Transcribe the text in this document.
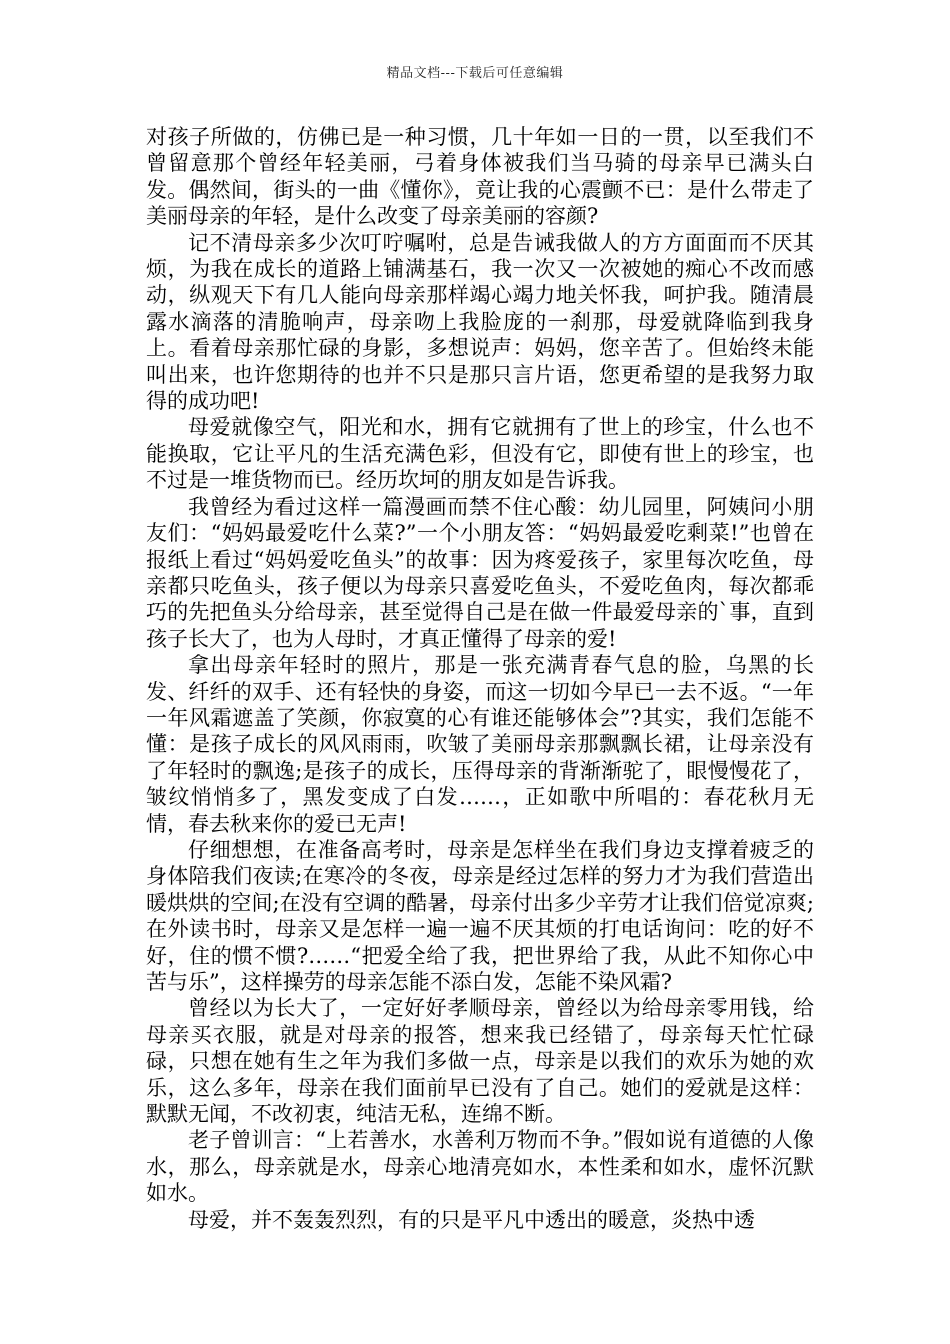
精品文档---下载后可任意编辑

对孩子所做的，仿佛已是一种习惯，几十年如一日的一贯，以至我们不曾留意那个曾经年轻美丽，弓着身体被我们当马骑的母亲早已满头白发。偶然间，街头的一曲《懂你》，竟让我的心震颤不已：是什么带走了美丽母亲的年轻，是什么改变了母亲美丽的容颜?

记不清母亲多少次叮咛嘱咐，总是告诫我做人的方方面面而不厌其烦，为我在成长的道路上铺满基石，我一次又一次被她的痴心不改而感动，纵观天下有几人能向母亲那样竭心竭力地关怀我，呵护我。随清晨露水滴落的清脆响声，母亲吻上我脸庞的一刹那，母爱就降临到我身上。看着母亲那忙碌的身影，多想说声：妈妈，您辛苦了。但始终未能叫出来，也许您期待的也并不只是那只言片语，您更希望的是我努力取得的成功吧!

母爱就像空气，阳光和水，拥有它就拥有了世上的珍宝，什么也不能换取，它让平凡的生活充满色彩，但没有它，即使有世上的珍宝，也不过是一堆货物而已。经历坎坷的朋友如是告诉我。

我曾经为看过这样一篇漫画而禁不住心酸：幼儿园里，阿姨问小朋友们：“妈妈最爱吃什么菜?”一个小朋友答：“妈妈最爱吃剩菜!”也曾在报纸上看过“妈妈爱吃鱼头”的故事：因为疼爱孩子，家里每次吃鱼，母亲都只吃鱼头，孩子便以为母亲只喜爱吃鱼头，不爱吃鱼肉，每次都乖巧的先把鱼头分给母亲，甚至觉得自己是在做一件最爱母亲的`事，直到孩子长大了，也为人母时，才真正懂得了母亲的爱!

拿出母亲年轻时的照片，那是一张充满青春气息的脸，乌黑的长发、纤纤的双手、还有轻快的身姿，而这一切如今早已一去不返。“一年一年风霜遮盖了笑颜，你寂寞的心有谁还能够体会”?其实，我们怎能不懂：是孩子成长的风风雨雨，吹皱了美丽母亲那飘飘长裙，让母亲没有了年轻时的飘逸;是孩子的成长，压得母亲的背渐渐驼了，眼慢慢花了，皱纹悄悄多了，黑发变成了白发……，正如歌中所唱的：春花秋月无情，春去秋来你的爱已无声!

仔细想想，在准备高考时，母亲是怎样坐在我们身边支撑着疲乏的身体陪我们夜读;在寒冷的冬夜，母亲是经过怎样的努力才为我们营造出暖烘烘的空间;在没有空调的酷暑，母亲付出多少辛劳才让我们倍觉凉爽;在外读书时，母亲又是怎样一遍一遍不厌其烦的打电话询问：吃的好不好，住的惯不惯?……“把爱全给了我，把世界给了我，从此不知你心中苦与乐”，这样操劳的母亲怎能不添白发，怎能不染风霜?

曾经以为长大了，一定好好孝顺母亲，曾经以为给母亲零用钱，给母亲买衣服，就是对母亲的报答，想来我已经错了，母亲每天忙忙碌碌，只想在她有生之年为我们多做一点，母亲是以我们的欢乐为她的欢乐，这么多年，母亲在我们面前早已没有了自己。她们的爱就是这样：默默无闻，不改初衷，纯洁无私，连绵不断。

老子曾训言：“上若善水，水善利万物而不争。”假如说有道德的人像水，那么，母亲就是水，母亲心地清亮如水，本性柔和如水，虚怀沉默如水。

母爱，并不轰轰烈烈，有的只是平凡中透出的暖意，炎热中透
